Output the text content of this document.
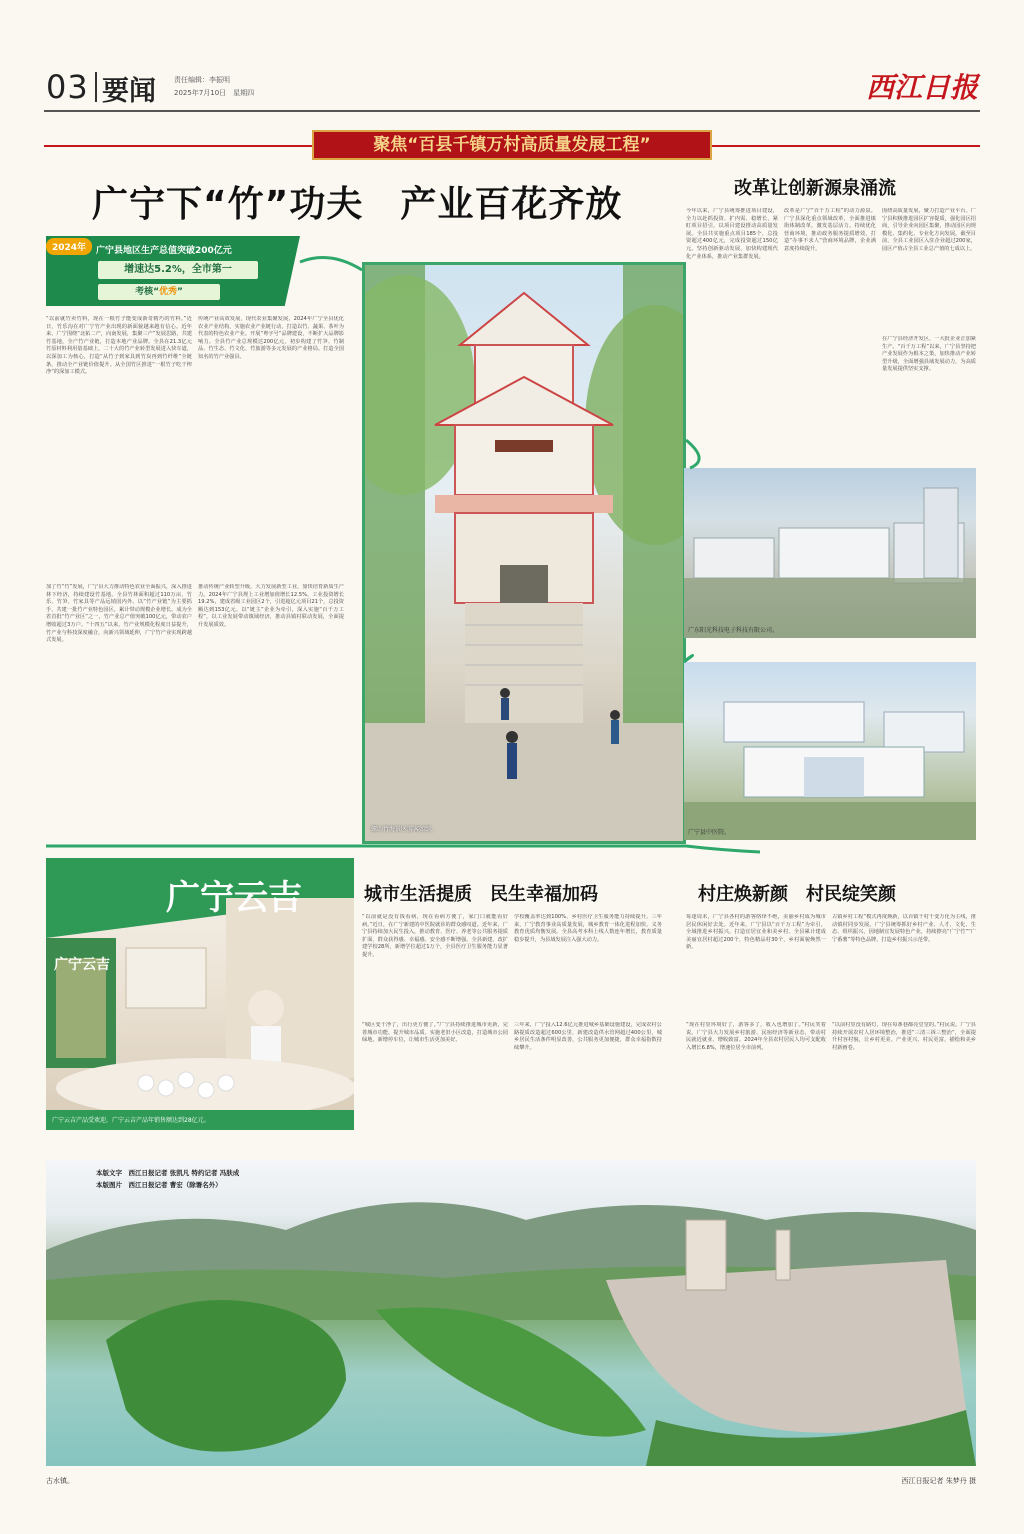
03 要闻	责任编辑：李振明
2025年7月10日　星期四	西江日报
聚焦“百县千镇万村高质量发展工程”
广宁下“竹”功夫　产业百花齐放
2024年	广宁县地区生产总值突破200亿元
增速达5.2%，全市第一
考核“优秀”
“以前就竹卖竹料，现在一根竹子能变成新奇精巧的竹料。”近日，竹乐沟在对广宁竹产业出现的新面貌越来越有信心。近年来，广宁围绕“北拓二产，向南发展，集聚三产”发展思路，共建竹基地，全产竹产业链，打造本地产业品牌。全县在21.3亿元竹原材料利用量基础上，二十大的竹产业转型发展进入快车道，以深加工为核心，打造“从竹子到家具到竹炭再到竹纤维”全链条，推动全产业链价值提升。从全国竹区推进“一根竹子吃干榨净”的深加工模式。
加了竹“竹”发展，广宁县大力推动特色农业全面振兴，深入推进林下经济，持续建设竹基地。全县竹林面积超过110万亩，竹乐、竹笋、竹家具等产品远销国内外。以“竹产业链”为主要抓手，共建一批竹产业特色园区，累计带动规模企业增长。成为全省首批“竹产业区”之一，竹产业总产值突破100亿元，带动农户增收超过3万户。“十四五”以来，竹产业规模化程度日益提升，竹产业与科技深度融合，向新兴领域延伸，广宁竹产业实现跨越式发展。
传统产业高效发展，现代农业集聚发展，2024年广宁全县优化农业产业结构，实施农业产业链行动，打造以竹、蔬果、茶叶为代表的特色农业产业。开展“粤字号”品牌建设，不断扩大品牌影响力。全县竹产业总规模达200亿元，初步构建了竹笋、竹制品、竹生态、竹文化、竹旅游等多元发展的产业格局。打造全国知名的竹产业强县。
推动传统产业转型升级，大力发展新型工业，加快培育新质生产力。2024年广宁县规上工业增加值增长12.5%，工业投资增长19.2%，建成省级工业园区2个，引进超亿元项目21个，总投资额达到153亿元。以“链主”企业为牵引，深入实施“百千万工程”，以工业发展带动镇域经济，推动县镇村联动发展，全面提升发展质效。
螺山竹海景区游客如织。
改革让创新源泉涌流
今年以来，广宁县统筹推进项目建设，全力以赴抓投资、扩内需、稳增长，紧盯项目招引，以项目建设推动高质量发展。全县共实施重点项目185个，总投资超过400亿元，完成投资超过150亿元。坚持创新驱动发展，加快构建现代化产业体系，推动产业集群发展。
改革是广宁“百千万工程”的动力源泉。广宁县深化重点领域改革，全面推进镇街体制改革，激发基层活力。持续优化营商环境，推动政务服务提质增效，打造“办事不求人”营商环境品牌，企业满意度持续提升。
围绕高质量发展，聚力打造产业平台。广宁县积极推进园区扩容提质，强化园区招商，引导企业向园区集聚，推动园区向规模化、集约化、专业化方向发展。截至目前，全县工业园区入驻企业超过200家，园区产值占全县工业总产值的七成以上。
在广宁县经济开发区，一大批企业正加紧生产。“百千万工程”以来，广宁县坚持把产业发展作为根本之策，加快推动产业转型升级，全面增强县域发展动力，为高质量发展提供坚实支撑。
广东阳光科技电子科技有限公司。
广宁县中医院。
广宁云吉
广宁云吉
广宁云吉产品受欢迎，广宁云吉产品年销售额达到28亿元。
城市生活提质　民生幸福加码
“以前就是没有钱看病，现在看病方便了，家门口就能看好病。”近日，在广宁新建的中医院就诊的群众感叹道。近年来，广宁县持续加大民生投入，推动教育、医疗、养老等公共服务提质扩面，群众获得感、幸福感、安全感不断增强。全县新建、改扩建学校28所，新增学位超过1万个，全县医疗卫生服务能力显著提升。
“城区变干净了，出行更方便了。”广宁县持续推进城市更新，完善城市功能，提升城市品质。实施老旧小区改造，打造城市公园绿地，新增停车位，让城市生活更加美好。
学校覆盖率达到100%，乡村医疗卫生服务能力持续提升。三年来，广宁教育事业高质量发展，城乡教育一体化进程加快，义务教育优质均衡发展。全县高考本科上线人数连年增长，教育质量稳步提升，为县域发展注入强大动力。
三年来，广宁投入12.6亿元推进城乡基础设施建设，完成农村公路提质改造超过600公里，新建改造供水管网超过400公里，城乡居民生活条件明显改善，公共服务更加便捷，群众幸福指数持续攀升。
村庄焕新颜　村民绽笑颜
每逢周末，广宁县各村的游客络绎不绝，美丽乡村成为城市居民休闲好去处。近年来，广宁县以“百千万工程”为牵引，全域推进乡村振兴，打造宜居宜业和美乡村。全县累计建成美丽宜居村超过200个，特色精品村30个，乡村面貌焕然一新。
“现在村里环境好了，游客多了，收入也增加了。”村民笑着说。广宁县大力发展乡村旅游、民宿经济等新业态，带动村民就近就业、增收致富。2024年全县农村居民人均可支配收入增长6.8%，增速位居全市前列。
古镇乡村工程“模式再度焕新，以百镇千村千变万化为主线，推动镇村同步发展。广宁县统筹抓好乡村产业、人才、文化、生态、组织振兴，因地制宜发展特色产业，持续擦亮“广宁竹”“广宁番薯”等特色品牌，打造乡村振兴示范带。
“以前村里没有路灯，现在每条巷都亮堂堂的。”村民说。广宁县持续开展农村人居环境整治，推进“三清三拆三整治”，全面提升村容村貌，让乡村更美、产业更兴、村民更富，描绘和美乡村新画卷。
本版文字　西江日报记者 张凯凡 特约记者 冯肤成
本版图片　西江日报记者 曹宏（除署名外）
古水镇。	西江日报记者 朱梦丹 摄
